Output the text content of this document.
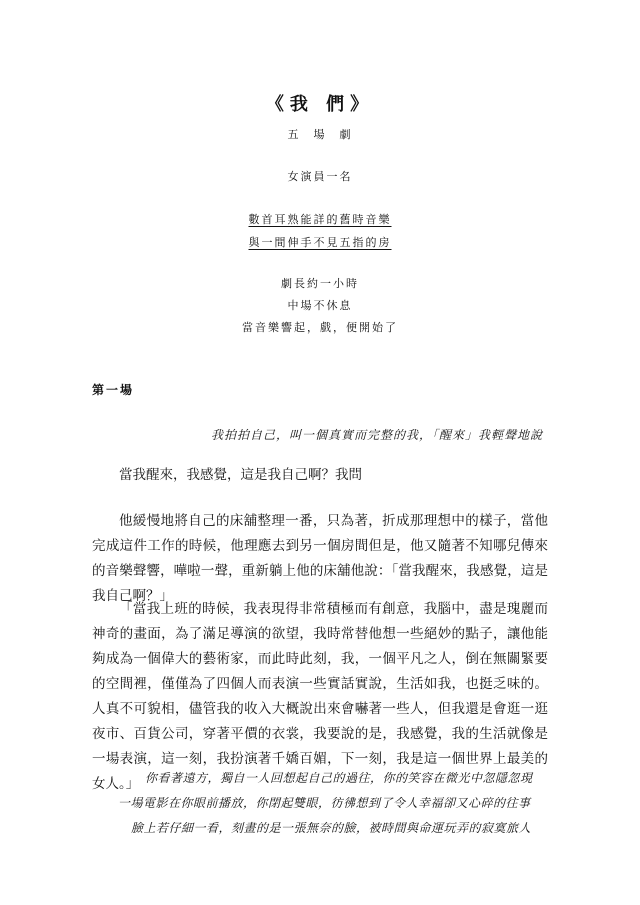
《我 們》
五　場　劇
女演員一名
數首耳熟能詳的舊時音樂
與一間伸手不見五指的房
劇長約一小時
中場不休息
當音樂響起，戲，便開始了
第一場
我拍拍自己，叫一個真實而完整的我，「醒來」我輕聲地說
當我醒來，我感覺，這是我自己啊？我問
他緩慢地將自己的床舖整理一番，只為著，折成那理想中的樣子，當他完成這件工作的時候，他理應去到另一個房間但是，他又隨著不知哪兒傳來的音樂聲響，嘩啦一聲，重新躺上他的床舖他說：「當我醒來，我感覺，這是我自己啊？」
「當我上班的時候，我表現得非常積極而有創意，我腦中，盡是瑰麗而神奇的畫面，為了滿足導演的欲望，我時常替他想一些絕妙的點子，讓他能夠成為一個偉大的藝術家，而此時此刻，我，一個平凡之人，倒在無關緊要的空間裡，僅僅為了四個人而表演一些實話實說，生活如我，也挺乏味的。人真不可貌相，儘管我的收入大概說出來會嚇著一些人，但我還是會逛一逛夜市、百貨公司，穿著平價的衣裳，我要說的是，我感覺，我的生活就像是一場表演，這一刻，我扮演著千嬌百媚，下一刻，我是這一個世界上最美的女人。」 你看著遠方，獨自一人回想起自己的過往，你的笑容在微光中忽隱忽現
一場電影在你眼前播放，你閉起雙眼，彷彿想到了令人幸福卻又心碎的往事
臉上若仔細一看，刻畫的是一張無奈的臉，被時間與命運玩弄的寂寞旅人
